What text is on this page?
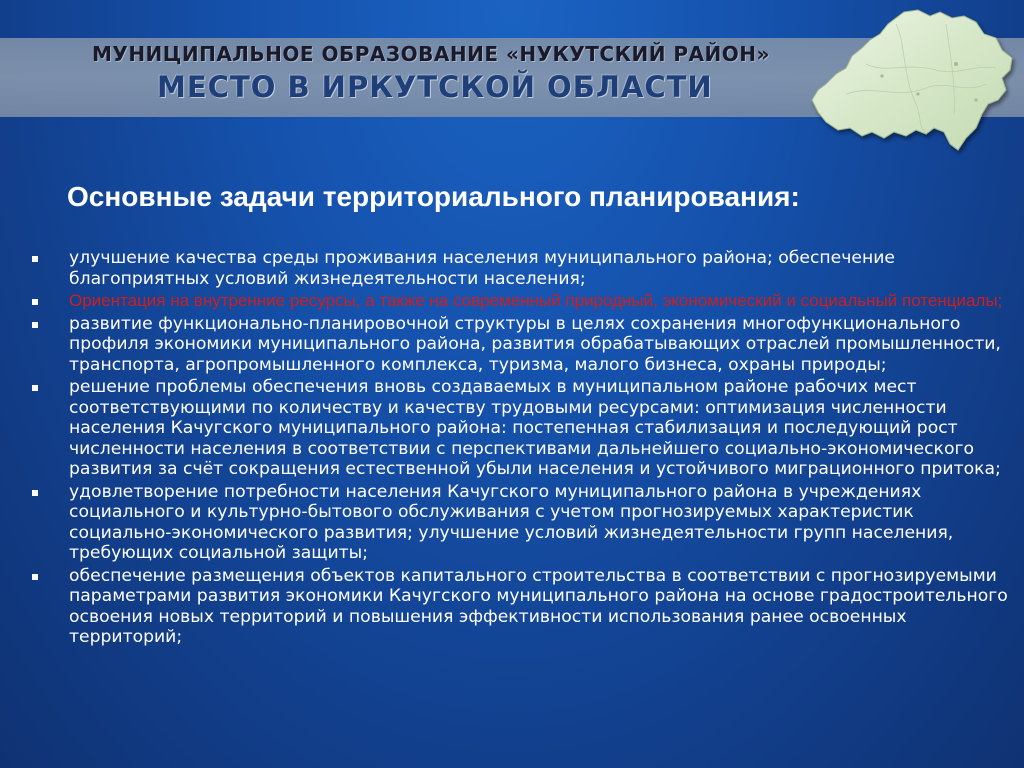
МУНИЦИПАЛЬНОЕ ОБРАЗОВАНИЕ «НУКУТСКИЙ РАЙОН»
МЕСТО В ИРКУТСКОЙ ОБЛАСТИ
Основные задачи территориального планирования:
улучшение качества среды проживания населения муниципального района; обеспечение благоприятных условий жизнедеятельности населения;
Ориентация на внутренние ресурсы, а также на современный природный, экономический и социальный потенциалы;
развитие функционально-планировочной структуры в целях сохранения многофункционального профиля экономики муниципального района, развития обрабатывающих отраслей промышленности, транспорта, агропромышленного комплекса, туризма, малого бизнеса, охраны природы;
решение проблемы обеспечения вновь создаваемых в муниципальном районе рабочих мест соответствующими по количеству и качеству трудовыми ресурсами: оптимизация численности населения Качугского муниципального района: постепенная стабилизация и последующий рост численности населения в соответствии с перспективами дальнейшего социально-экономического развития за счёт сокращения естественной убыли населения и устойчивого миграционного притока;
удовлетворение потребности населения Качугского муниципального района в учреждениях социального и культурно-бытового обслуживания с учетом прогнозируемых характеристик социально-экономического развития; улучшение условий жизнедеятельности групп населения, требующих социальной защиты;
обеспечение размещения объектов капитального строительства в соответствии с прогнозируемыми параметрами развития экономики Качугского муниципального района на основе градостроительного освоения новых территорий и повышения эффективности использования ранее освоенных территорий;
